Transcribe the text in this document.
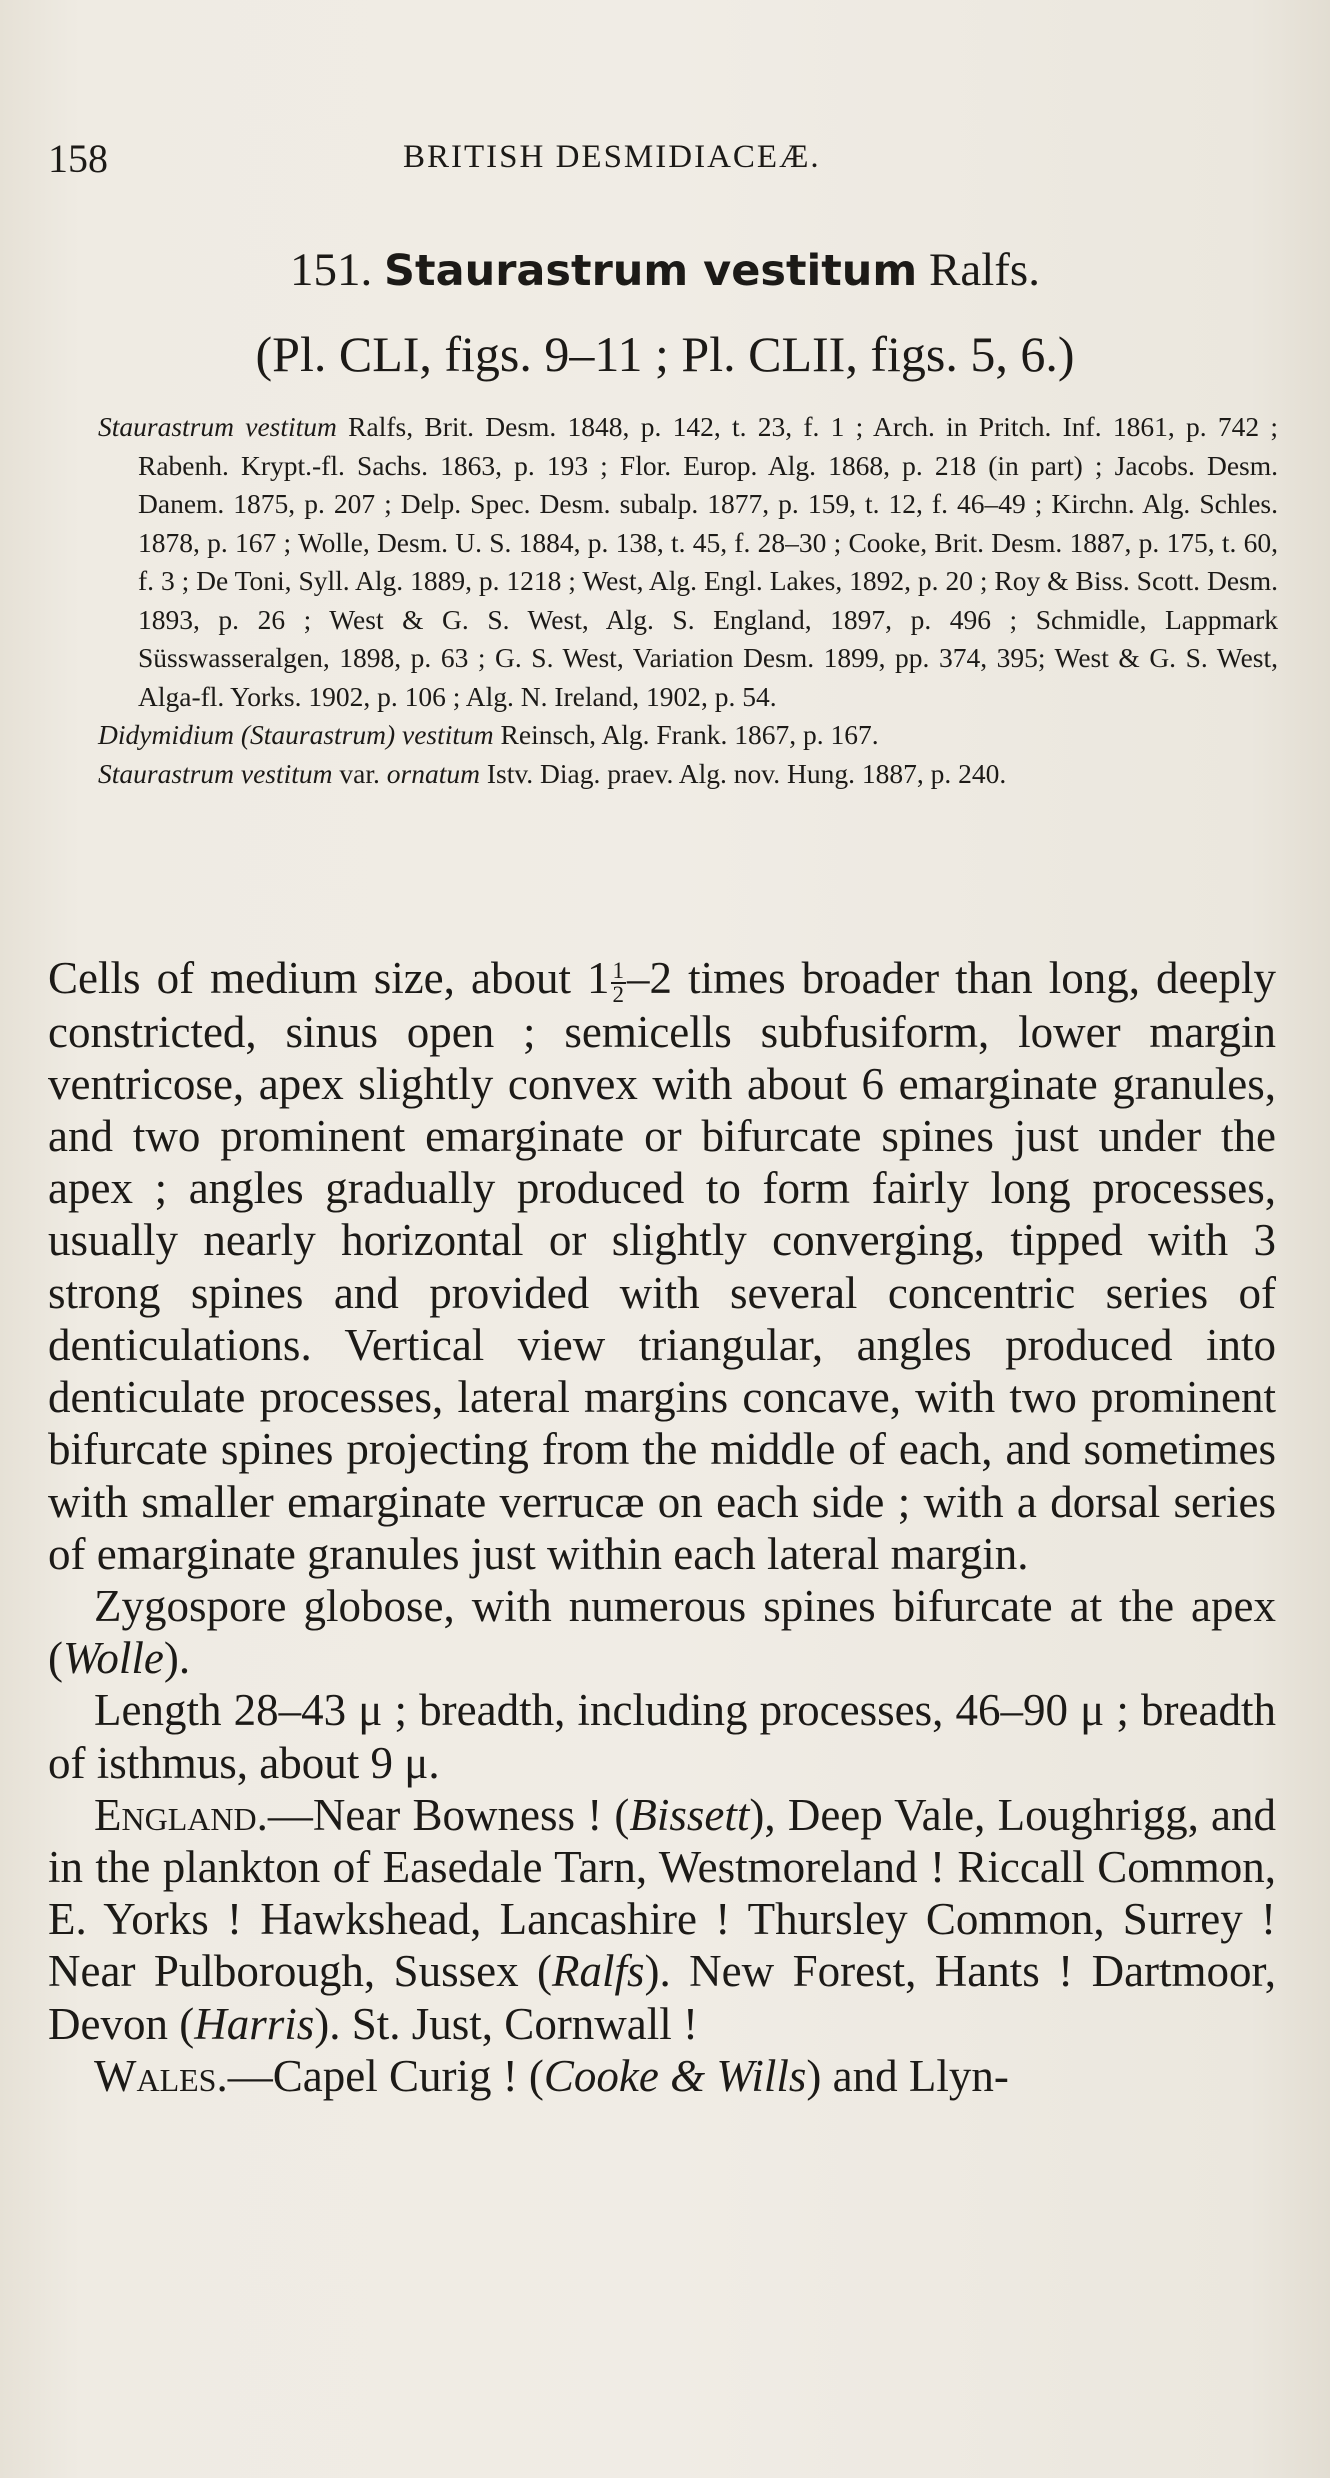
158	BRITISH DESMIDIACEÆ.
151. Staurastrum vestitum Ralfs.
(Pl. CLI, figs. 9–11 ; Pl. CLII, figs. 5, 6.)
Staurastrum vestitum Ralfs, Brit. Desm. 1848, p. 142, t. 23, f. 1 ; Arch. in Pritch. Inf. 1861, p. 742 ; Rabenh. Krypt.-fl. Sachs. 1863, p. 193 ; Flor. Europ. Alg. 1868, p. 218 (in part) ; Jacobs. Desm. Danem. 1875, p. 207 ; Delp. Spec. Desm. subalp. 1877, p. 159, t. 12, f. 46–49 ; Kirchn. Alg. Schles. 1878, p. 167 ; Wolle, Desm. U. S. 1884, p. 138, t. 45, f. 28–30 ; Cooke, Brit. Desm. 1887, p. 175, t. 60, f. 3 ; De Toni, Syll. Alg. 1889, p. 1218 ; West, Alg. Engl. Lakes, 1892, p. 20 ; Roy & Biss. Scott. Desm. 1893, p. 26 ; West & G. S. West, Alg. S. England, 1897, p. 496 ; Schmidle, Lappmark Süsswasseralgen, 1898, p. 63 ; G. S. West, Variation Desm. 1899, pp. 374, 395; West & G. S. West, Alga-fl. Yorks. 1902, p. 106 ; Alg. N. Ireland, 1902, p. 54.
Didymidium (Staurastrum) vestitum Reinsch, Alg. Frank. 1867, p. 167.
Staurastrum vestitum var. ornatum Istv. Diag. praev. Alg. nov. Hung. 1887, p. 240.

Cells of medium size, about $1 \frac{1}{2} -2$ times broader than long, deeply constricted, sinus open ; semicells subfusiform, lower margin ventricose, apex slightly convex with about 6 emarginate granules, and two prominent emarginate or bifurcate spines just under the apex ; angles gradually produced to form fairly long processes, usually nearly horizontal or slightly converging, tipped with 3 strong spines and provided with several concentric series of denticulations. Vertical view triangular, angles produced into denticulate processes, lateral margins concave, with two prominent bifurcate spines projecting from the middle of each, and sometimes with smaller emarginate verrucæ on each side ; with a dorsal series of emarginate granules just within each lateral margin.

Zygospore globose, with numerous spines bifurcate at the apex (Wolle).

Length 28–43 μ ; breadth, including processes, 46–90 μ ; breadth of isthmus, about 9 μ.

England.—Near Bowness ! (Bissett), Deep Vale, Loughrigg, and in the plankton of Easedale Tarn, Westmoreland ! Riccall Common, E. Yorks ! Hawkshead, Lancashire ! Thursley Common, Surrey ! Near Pulborough, Sussex (Ralfs). New Forest, Hants ! Dartmoor, Devon (Harris). St. Just, Cornwall !

Wales.—Capel Curig ! (Cooke & Wills) and Llyn-
